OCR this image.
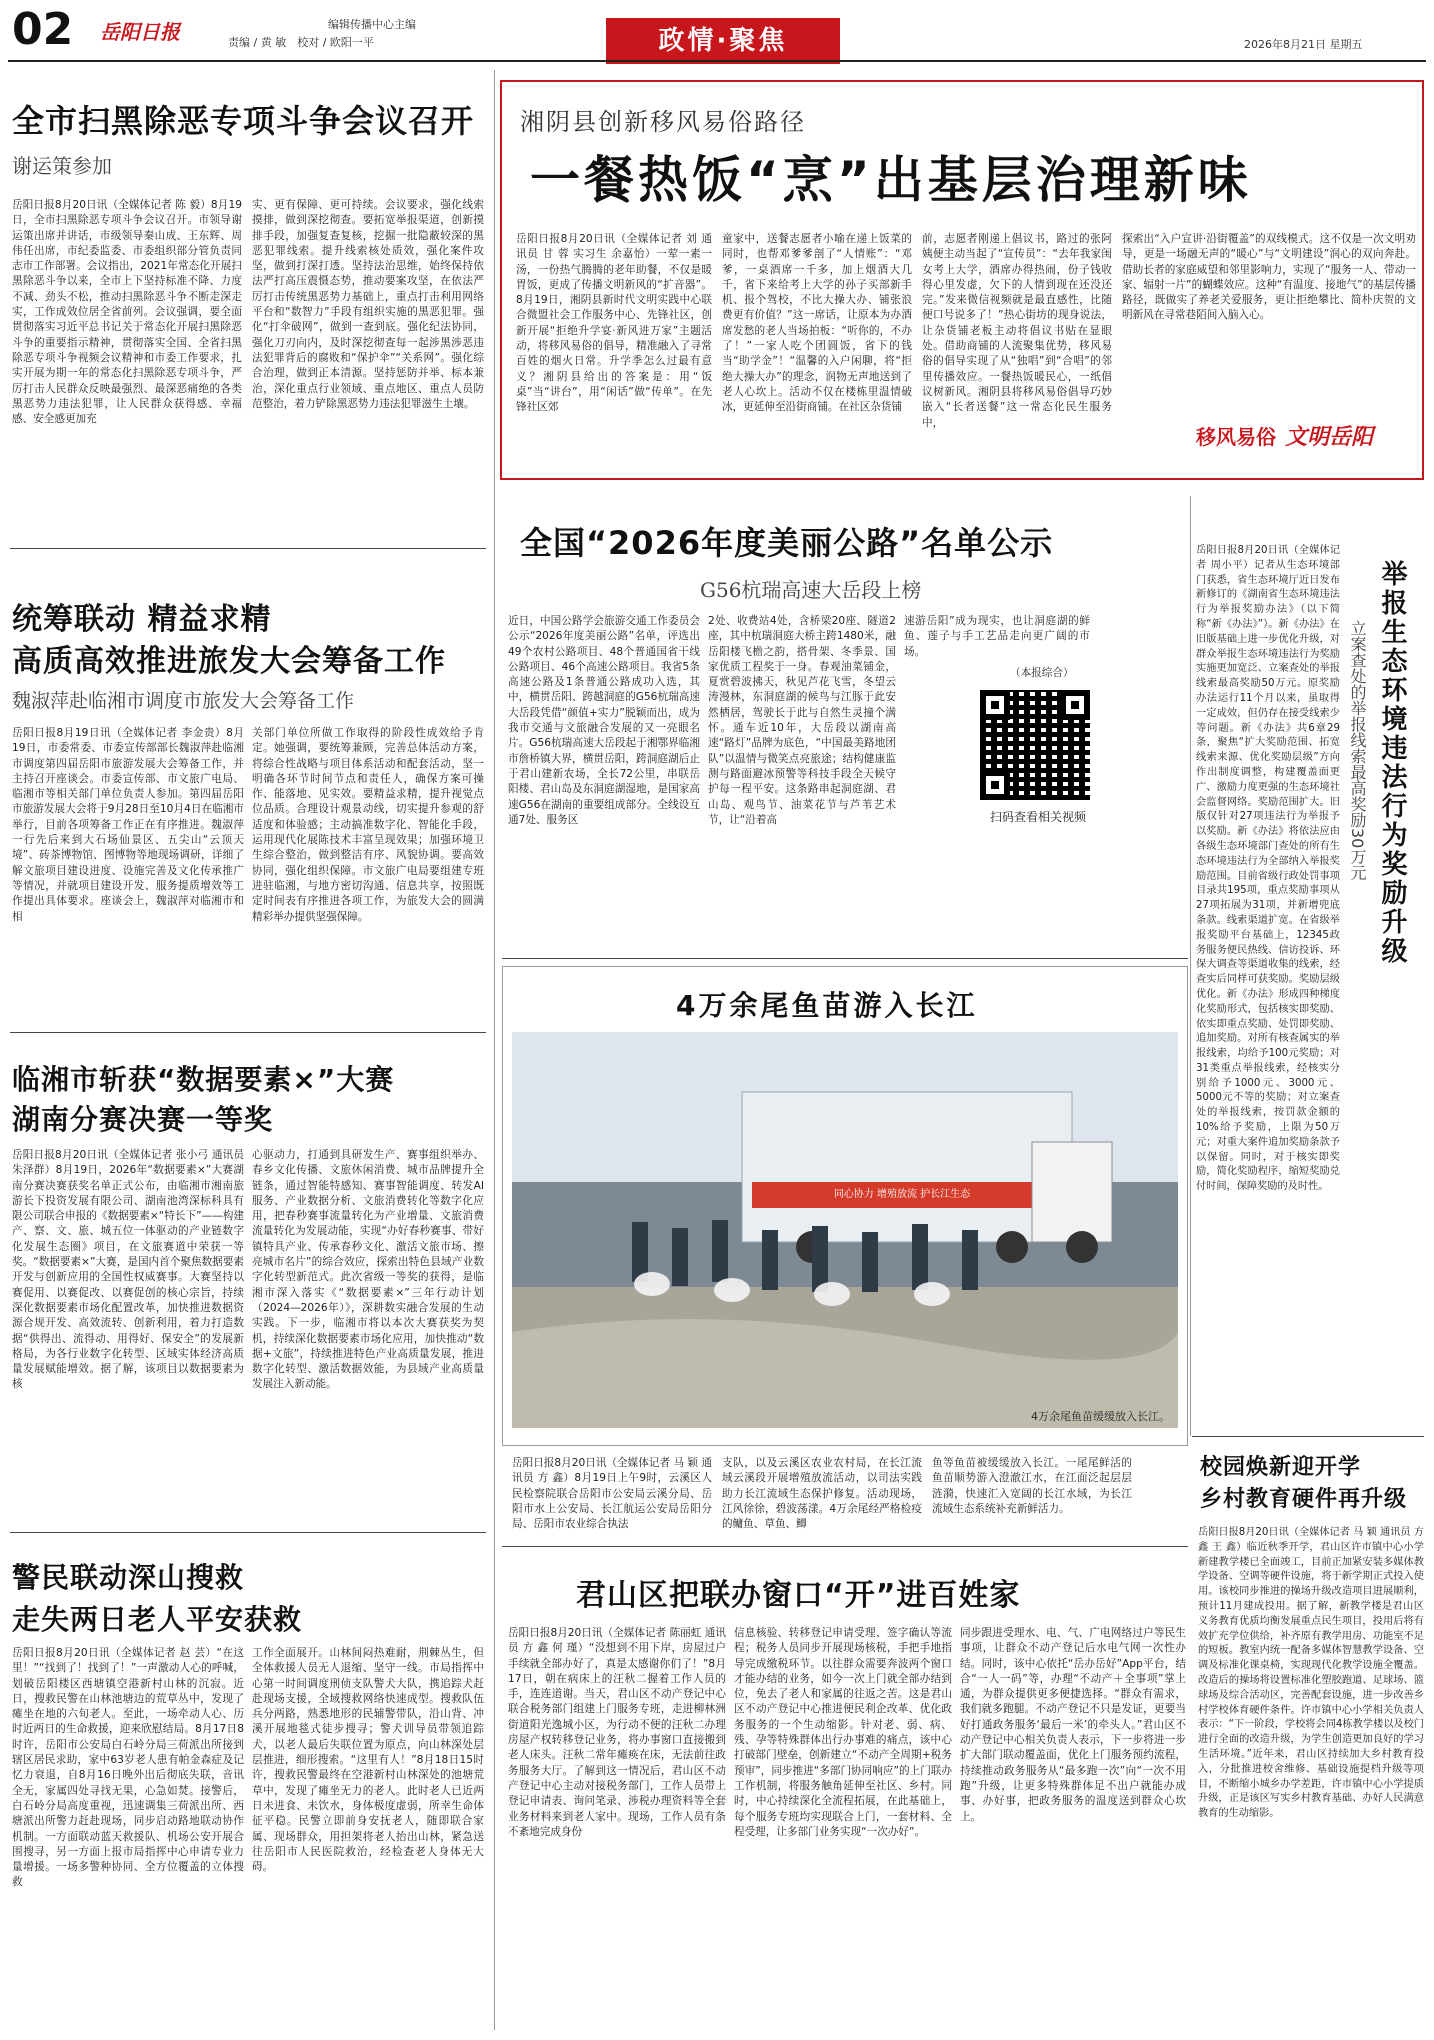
02 岳阳日报	编辑传播中心主编
责编 / 黄 敏　校对 / 欧阳一平	政情·聚焦	2026年8月21日 星期五
全市扫黑除恶专项斗争会议召开
谢运策参加
岳阳日报8月20日讯（全媒体记者 陈 毅）8月19日，全市扫黑除恶专项斗争会议召开。市领导谢运策出席并讲话，市级领导秦山成、王东辉、周伟任出席，市纪委监委、市委组织部分管负责同志市工作部署。会议指出，2021年常态化开展扫黑除恶斗争以来，全市上下坚持标准不降、力度不减、劲头不松，推动扫黑除恶斗争不断走深走实，工作成效位居全省前列。会议强调，要全面贯彻落实习近平总书记关于常态化开展扫黑除恶斗争的重要指示精神，贯彻落实全国、全省扫黑除恶专项斗争视频会议精神和市委工作要求，扎实开展为期一年的常态化扫黑除恶专项斗争，严厉打击人民群众反映最强烈、最深恶痛绝的各类黑恶势力违法犯罪，让人民群众获得感、幸福感、安全感更加充
实、更有保障、更可持续。会议要求，强化线索摸排，做到深挖彻查。要拓宽举报渠道，创新摸排手段，加强复查复核，挖掘一批隐蔽较深的黑恶犯罪线索。提升线索核处质效，强化案件攻坚，做到打深打透。坚持法治思维，始终保持依法严打高压震慑态势，推动要案攻坚，在依法严厉打击传统黑恶势力基础上，重点打击利用网络平台和“数智力”手段有组织实施的黑恶犯罪。强化“打伞破网”，做到一查到底。强化纪法协同，强化刀刃向内，及时深挖彻查每一起涉黑涉恶违法犯罪背后的腐败和“保护伞”“关系网”。强化综合治理，做到正本清源。坚持惩防并举、标本兼治，深化重点行业领域、重点地区、重点人员防范整治，着力铲除黑恶势力违法犯罪滋生土壤。
湘阴县创新移风易俗路径
一餐热饭“烹”出基层治理新味
岳阳日报8月20日讯（全媒体记者 刘 通讯员 甘 蓉 实习生 余嘉怡）一荤一素一汤，一份热气腾腾的老年助餐，不仅是暖胃饭，更成了传播文明新风的“扩音器”。8月19日，湘阴县新时代文明实践中心联合微盟社会工作服务中心、先锋社区，创新开展“拒绝升学宴·新风进万家”主题活动，将移风易俗的倡导，精准融入了寻常百姓的烟火日常。升学季怎么过最有意义？湘阴县给出的答案是：用“饭桌”当“讲台”，用“闲话”做“传单”。在先锋社区郊
童家中，送餐志愿者小喻在递上饭菜的同时，也帮邓爹爹剖了“人情账”：“邓爹，一桌酒席一千多，加上烟酒大几千，省下来给考上大学的孙子买部新手机、报个驾校，不比大操大办、铺张浪费更有价值？”这一席话，让原本为办酒席发愁的老人当场拍板：“听你的，不办了！”一家人吃个团圆饭，省下的钱当“助学金”！“温馨的入户闲聊，将“拒绝大操大办”的理念，润物无声地送到了老人心坎上。活动不仅在楼栋里温情破冰，更延伸至沿街商铺。在社区杂货铺
前，志愿者刚递上倡议书，路过的张阿姨便主动当起了“宣传员”：“去年我家闺女考上大学，酒席办得热闹，份子钱收得心里发虚，欠下的人情到现在还没还完。”发来微信视频就是最直感性，比随便口号说多了！”热心街坊的现身说法，让杂货铺老板主动将倡议书贴在显眼处。借助商铺的人流聚集优势，移风易俗的倡导实现了从“独唱”到“合唱”的邻里传播效应。一餐热饭暖民心，一纸倡议树新风。湘阴县将移风易俗倡导巧妙嵌入“长者送餐”这一常态化民生服务中，
探索出“入户宣讲·沿街覆盖”的双线模式。这不仅是一次文明劝导，更是一场融无声的“暖心”与“文明建设”润心的双向奔赴。借助长者的家庭威望和邻里影响力，实现了“服务一人、带动一家、辐射一片”的蝴蝶效应。这种“有温度、接地气”的基层传播路径，既做实了养老关爱服务，更让拒绝攀比、简朴庆贺的文明新风在寻常巷陌间入脑入心。
移风易俗 文明岳阳
全国“2026年度美丽公路”名单公示
G56杭瑞高速大岳段上榜
近日，中国公路学会旅游交通工作委员会公示“2026年度美丽公路”名单，评选出49个农村公路项目、48个普通国省干线公路项目、46个高速公路项目。我省5条高速公路及1条普通公路成功入选，其中，横贯岳阳、跨越洞庭的G56杭瑞高速大岳段凭借“颜值+实力”脱颖而出，成为我市交通与文旅融合发展的又一亮眼名片。G56杭瑞高速大岳段起于湘鄂界临湘市詹桥镇大界，横贯岳阳，跨洞庭湖后止于君山建新农场，全长72公里，串联岳阳楼、君山岛及东洞庭湖湿地，是国家高速G56在湖南的重要组成部分。全线设互通7处、服务区
2处、收费站4处，含桥梁20座、隧道2座，其中杭瑞洞庭大桥主跨1480米，融岳阳楼飞檐之韵，搭骨架、冬季景、国家优质工程奖于一身。春观油菜铺金，夏赏碧波拂天，秋见芦花飞雪，冬望云涛漫林，东洞庭湖的候鸟与江豚于此安然栖居，驾驶长于此与自然生灵撞个满怀。通车近10年，大岳段以湖南高速“路灯”品牌为底色，“中国最美路地团队”以温情与微笑点亮旅途；结构健康监测与路面避冰预警等科技手段全天候守护每一程平安。这条路串起洞庭湖、君山岛、观鸟节、油菜花节与芦苇艺术节，让“沿着高
速游岳阳”成为现实，也让洞庭湖的鲜鱼、莲子与手工艺品走向更广阔的市场。
（本报综合）
扫码查看相关视频
岳阳日报8月20日讯（全媒体记者 周小平）记者从生态环境部门获悉，省生态环境厅近日发布新修订的《湖南省生态环境违法行为举报奖励办法》（以下简称“新《办法》”）。新《办法》在旧版基础上进一步优化升级，对群众举报生态环境违法行为奖励实施更加宽泛、立案查处的举报线索最高奖励50万元。原奖励办法运行11个月以来，虽取得一定成效，但仍存在接受线索少等问题。新《办法》共6章29条，聚焦“扩大奖励范围、拓宽线索来源、优化奖励层级”方向作出制度调整，构建覆盖面更广、激励力度更强的生态环境社会监督网络。奖励范围扩大。旧版仅针对27项违法行为举报予以奖励。新《办法》将依法应由各级生态环境部门查处的所有生态环境违法行为全部纳入举报奖励范围。目前省级行政处罚事项目录共195项，重点奖励事项从27项拓展为31项，并新增兜底条款。线索渠道扩宽。在省级举报奖励平台基础上，12345政务服务便民热线、信访投诉、环保大调查等渠道收集的线索，经查实后同样可获奖励。奖励层级优化。新《办法》形成四种梯度化奖励形式，包括核实即奖励、依实即重点奖励、处罚即奖励、追加奖励。对所有核查属实的举报线索，均给予100元奖励；对31类重点举报线索，经核实分别给予1000元、3000元、5000元不等的奖励；对立案查处的举报线索，按罚款金额的10%给予奖励，上限为50万元；对重大案件追加奖励条款予以保留。同时，对于核实即奖励，简化奖励程序，缩短奖励兑付时间，保障奖励的及时性。
举报生态环境违法行为奖励升级
立案查处的举报线索最高奖励30万元
统筹联动 精益求精
高质高效推进旅发大会筹备工作
魏淑萍赴临湘市调度市旅发大会筹备工作
岳阳日报8月19日讯（全媒体记者 李金贵）8月19日，市委常委、市委宣传部部长魏淑萍赴临湘市调度第四届岳阳市旅游发展大会筹备工作，并主持召开座谈会。市委宣传部、市文旅广电局、临湘市等相关部门单位负责人参加。第四届岳阳市旅游发展大会将于9月28日至10月4日在临湘市举行，目前各项筹备工作正在有序推进。魏淑萍一行先后来到大石场仙景区、五尖山“云顶天境”、砖茶博物馆、图博物等地现场调研，详细了解文旅项目建设进度、设施完善及文化传承推广等情况，并就项目建设开发、服务提质增效等工作提出具体要求。座谈会上，魏淑萍对临湘市和相
关部门单位所做工作取得的阶段性成效给予肯定。她强调，要统筹兼顾，完善总体活动方案，将综合性战略与项目体系活动和配套活动，坚一明确各环节时间节点和责任人，确保方案可操作、能落地、见实效。要精益求精，提升视觉点位品质。合理设计观景动线，切实提升参观的舒适度和体验感；主动搞准数字化、智能化手段，运用现代化展陈技术丰富呈现效果；加强环境卫生综合整治，做到整洁有序、风貌协调。要高效协同，强化组织保障。市文旅广电局要组建专班进驻临湘，与地方密切沟通、信息共享，按照既定时间表有序推进各项工作，为旅发大会的圆满精彩举办提供坚强保障。
临湘市斩获“数据要素×”大赛
湖南分赛决赛一等奖
岳阳日报8月20日讯（全媒体记者 张小弓 通讯员 朱泽群）8月19日，2026年“数据要素×”大赛湖南分赛决赛获奖名单正式公布，由临湘市湘南旅游长下投资发展有限公司、湖南池湾深标科具有限公司联合申报的《数据要素×“特长下”——构建产、察、文、旅、城五位一体驱动的产业链数字化发展生态圈》项目，在文旅赛道中荣获一等奖。“数据要素×”大赛，是国内首个聚焦数据要素开发与创新应用的全国性权威赛事。大赛坚持以赛促用、以赛促改、以赛促创的核心宗旨，持续深化数据要素市场化配置改革，加快推进数据资源合规开发、高效流转、创新利用，着力打造数据“供得出、流得动、用得好、保安全”的发展新格局，为各行业数字化转型、区域实体经济高质量发展赋能增效。据了解，该项目以数据要素为核
心驱动力，打通到具研发生产、赛事组织举办、春乡文化传播、文旅休闲消费、城市品牌提升全链条，通过智能特感知、赛事智能调度、转发AI服务、产业数据分析、文旅消费转化等数字化应用，把春秒赛事流量转化为产业增量、文旅消费流量转化为发展动能，实现“办好春秒赛事、带好镇特具产业、传承春秒文化、激活文旅市场、擦亮城市名片”的综合效应，探索出特色县域产业数字化转型新范式。此次省级一等奖的获得，是临湘市深入落实《“数据要素×”三年行动计划（2024—2026年）》，深耕数实融合发展的生动实践。下一步，临湘市将以本次大赛获奖为契机，持续深化数据要素市场化应用，加快推动“数据+文旅”，持续推进特色产业高质量发展，推进数字化转型、激活数据效能，为县域产业高质量发展注入新动能。
4万余尾鱼苗游入长江
同心协力 增殖放流 护长江生态
4万余尾鱼苗缓缓放入长江。
岳阳日报8月20日讯（全媒体记者 马 颖 通讯员 方 鑫）8月19日上午9时，云溪区人民检察院联合岳阳市公安局云溪分局、岳阳市水上公安局、长江航运公安局岳阳分局、岳阳市农业综合执法
支队，以及云溪区农业农村局，在长江流域云溪段开展增殖放流活动，以司法实践助力长江流域生态保护修复。活动现场，江风徐徐，碧波荡漾。4万余尾经严格检疫的鳙鱼、草鱼、鲫
鱼等鱼苗被缓缓放入长江。一尾尾鲜活的鱼苗顺势游入澄澈江水，在江面泛起层层涟漪，快速汇入宽阔的长江水域，为长江流域生态系统补充新鲜活力。
警民联动深山搜救
走失两日老人平安获救
岳阳日报8月20日讯（全媒体记者 赵 芸）“在这里！”“找到了！找到了！”一声激动人心的呼喊，划破岳阳楼区西塘镇空港新村山林的沉寂。近日，搜救民警在山林池塘边的荒草丛中，发现了瘫坐在地的六旬老人。至此，一场牵动人心、历时近两日的生命救援，迎来欣慰结局。8月17日8时许，岳阳市公安局白石岭分局三荷派出所接到辖区居民求助，家中63岁老人患有帕金森症及记忆力衰退，自8月16日晚外出后彻底失联，音讯全无，家属四处寻找无果，心急如焚。接警后，白石岭分局高度重视，迅速调集三荷派出所、西塘派出所警力赶赴现场，同步启动路地联动协作机制。一方面联动蓝天救援队、机场公安开展合围搜寻，另一方面上报市局指挥中心申请专业力量增援。一场多警种协同、全方位覆盖的立体搜救
工作全面展开。山林间闷热难耐，荆棘丛生，但全体救援人员无人退缩、坚守一线。市局指挥中心第一时间调度刑侦支队警犬大队，携追踪犬赶赴现场支援，全域搜救网络快速成型。搜救队伍兵分两路，熟悉地形的民辅警带队，沿山背、冲溪开展地毯式徒步搜寻；警犬训导员带领追踪犬，以老人最后失联位置为原点，向山林深处层层推进，细形搜索。“这里有人！”8月18日15时许，搜救民警最终在空港新村山林深处的池塘荒草中，发现了瘫坐无力的老人。此时老人已近两日未进食、未饮水，身体极度虚弱，所幸生命体征平稳。民警立即前身安抚老人，随即联合家属、现场群众，用担架将老人抬出山林，紧急送往岳阳市人民医院救治，经检查老人身体无大碍。
君山区把联办窗口“开”进百姓家
岳阳日报8月20日讯（全媒体记者 陈丽虹 通讯员 方 鑫 何 瑾）“没想到不用下岸，房屋过户手续就全部办好了，真是太感谢你们了！”8月17日，朝在病床上的汪秋二握着工作人员的手，连连道谢。当天，君山区不动产登记中心联合税务部门组建上门服务专班，走进柳林洲街道阳光逸城小区，为行动不便的汪秋二办理房屋产权转移登记业务，将办事窗口直接搬到老人床头。汪秋二常年瘫痪在床，无法前往政务服务大厅。了解到这一情况后，君山区不动产登记中心主动对接税务部门，工作人员带上登记申请表、询问笔录、涉税办理资料等全套业务材料来到老人家中。现场，工作人员有条不紊地完成身份
信息核验、转移登记申请受理、签字确认等流程；税务人员同步开展现场核税，手把手地指导完成缴税环节。以往群众需要奔波两个窗口才能办结的业务，如今一次上门就全部办结到位，免去了老人和家属的往返之苦。这是君山区不动产登记中心推进便民利企改革、优化政务服务的一个生动缩影。针对老、弱、病、残、孕等特殊群体出行办事难的痛点，该中心打破部门壁垒，创新建立“不动产全周期+税务预审”，同步推进“多部门协同响应”的上门联办工作机制，将服务触角延伸至社区、乡村。同时，中心持续深化全流程拓展，在此基础上，每个服务专班均实现联合上门，一套材料、全程受理，让多部门业务实现“一次办好”。
同步跟进受理水、电、气、广电网络过户等民生事项，让群众不动产登记后水电气网一次性办结。同时，该中心依托“岳办岳好”App平台，结合“一人一码”等，办理“不动产＋全事项”掌上通，为群众提供更多便捷选择。“群众有需求，我们就多跑腿。不动产登记不只是发证，更要当好打通政务服务‘最后一米’的牵头人。”君山区不动产登记中心相关负责人表示，下一步将进一步扩大部门联动覆盖面，优化上门服务预约流程，持续推动政务服务从“最多跑一次”向“一次不用跑”升级，让更多特殊群体足不出户就能办成事、办好事，把政务服务的温度送到群众心坎上。
校园焕新迎开学
乡村教育硬件再升级
岳阳日报8月20日讯（全媒体记者 马 颖 通讯员 方 鑫 王 鑫）临近秋季开学，君山区许市镇中心小学新建教学楼已全面竣工，目前正加紧安装多媒体教学设备、空调等硬件设施，将于新学期正式投入使用。该校同步推进的操场升级改造项目进展顺利，预计11月建成投用。据了解，新教学楼是君山区义务教育优质均衡发展重点民生项目，投用后将有效扩充学位供给，补齐原有教学用房、功能室不足的短板。教室内统一配备多媒体智慧教学设备、空调及标准化课桌椅，实现现代化教学设施全覆盖。改造后的操场将设置标准化塑胶跑道、足球场、篮球场及综合活动区，完善配套设施，进一步改善乡村学校体育硬件条件。许市镇中心小学相关负责人表示：“下一阶段，学校将会同4栋教学楼以及校门进行全面的改造升级，为学生创造更加良好的学习生活环境。”近年来，君山区持续加大乡村教育投入，分批推进校舍维修、基础设施提档升级等项目，不断缩小城乡办学差距，许市镇中心小学提质升级，正是该区写实乡村教育基础、办好人民满意教育的生动缩影。
